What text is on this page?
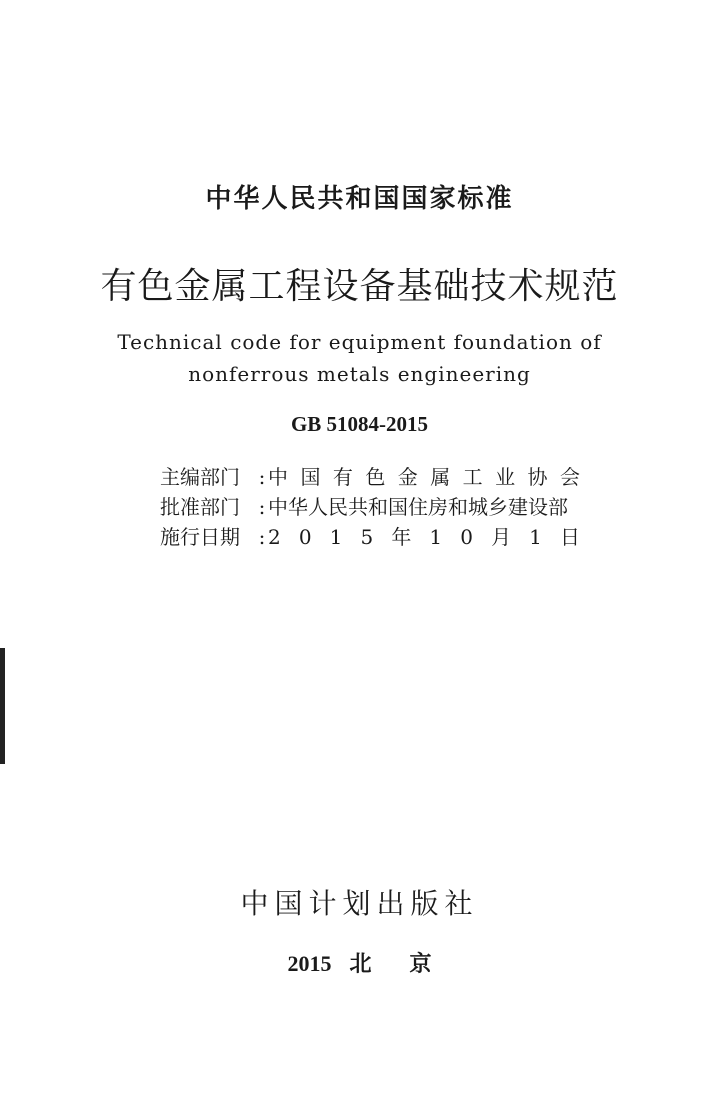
中华人民共和国国家标准
有色金属工程设备基础技术规范
Technical code for equipment foundation of
nonferrous metals engineering
GB 51084-2015
主编部门 : 中 国 有 色 金 属 工 业 协 会
批准部门 : 中华人民共和国住房和城乡建设部
施行日期 : 2 0 1 5 年 1 0 月 1 日
中国计划出版社
2015 北 京
